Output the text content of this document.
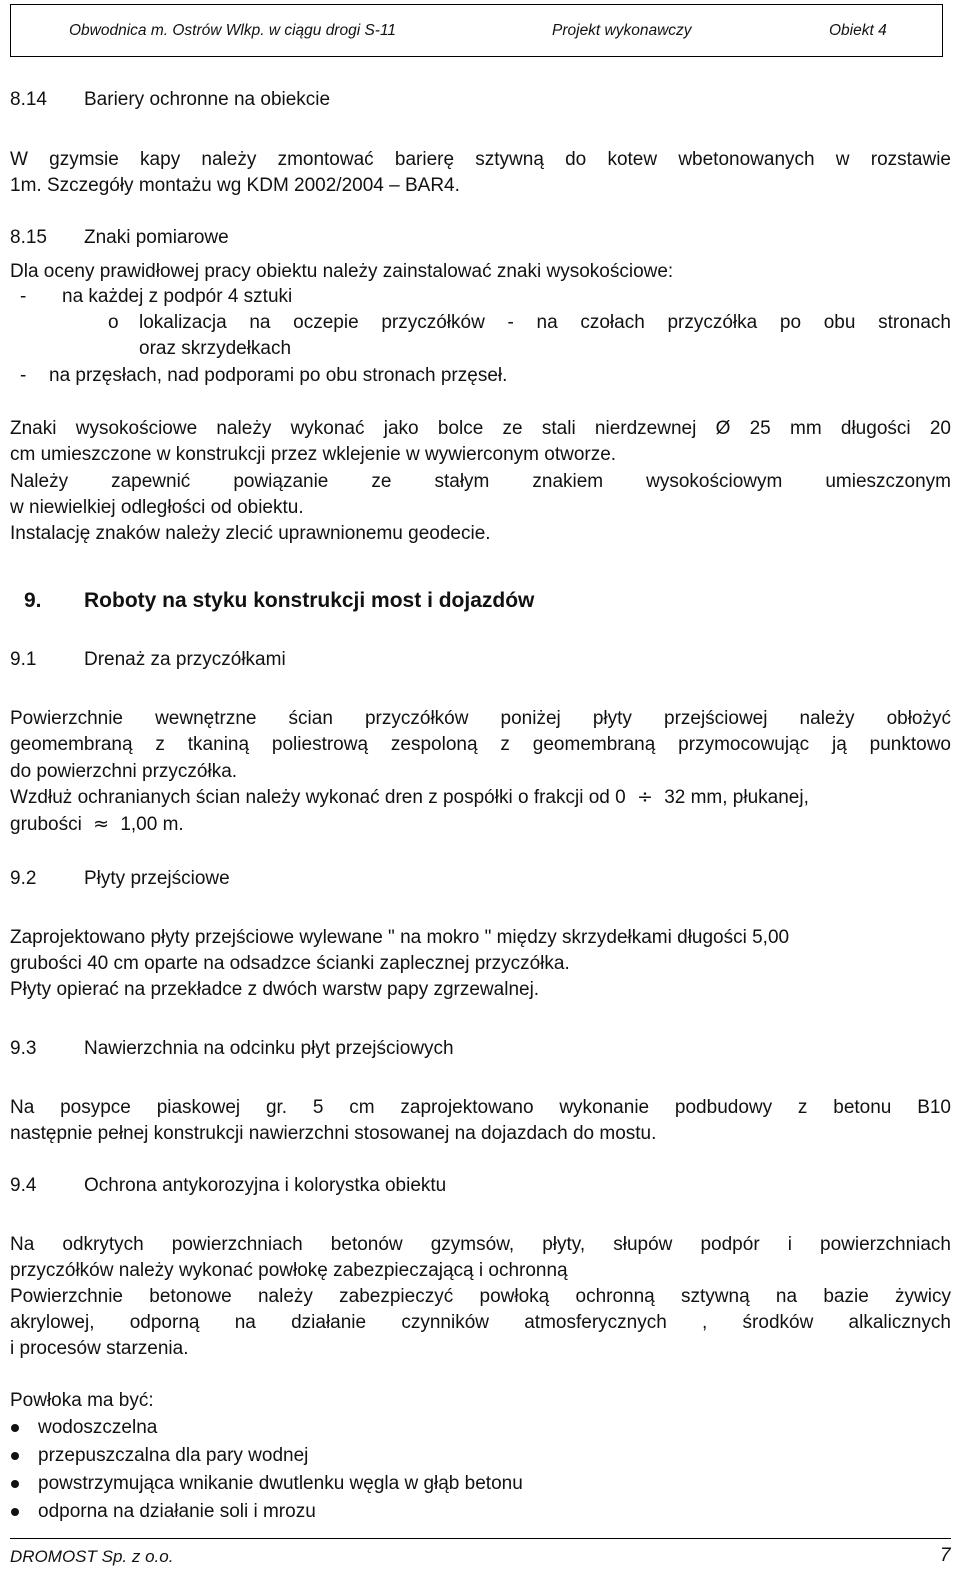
Obwodnica m. Ostrów Wlkp. w ciągu drogi S-11	Projekt wykonawczy	Obiekt 4
8.14 Bariery ochronne na obiekcie
W gzymsie kapy należy zmontować barierę sztywną do kotew wbetonowanych w rozstawie
1m. Szczegóły montażu wg KDM 2002/2004 – BAR4.
8.15 Znaki pomiarowe
Dla oceny prawidłowej pracy obiektu należy zainstalować znaki wysokościowe:
- na każdej z podpór 4 sztuki
o lokalizacja na oczepie przyczółków - na czołach przyczółka po obu stronach
oraz skrzydełkach
- na przęsłach, nad podporami po obu stronach przęseł.
Znaki wysokościowe należy wykonać jako bolce ze stali nierdzewnej Ø 25 mm długości 20
cm umieszczone w konstrukcji przez wklejenie w wywierconym otworze.
Należy zapewnić powiązanie ze stałym znakiem wysokościowym umieszczonym
w niewielkiej odległości od obiektu.
Instalację znaków należy zlecić uprawnionemu geodecie.
9. Roboty na styku konstrukcji most i dojazdów
9.1	Drenaż za przyczółkami
Powierzchnie wewnętrzne ścian przyczółków poniżej płyty przejściowej należy obłożyć
geomembraną z tkaniną poliestrową zespoloną z geomembraną przymocowując ją punktowo
do powierzchni przyczółka.
Wzdłuż ochranianych ścian należy wykonać dren z pospółki o frakcji od 0 ÷ 32 mm, płukanej,
grubości ≈ 1,00 m.
9.2	Płyty przejściowe
Zaprojektowano płyty przejściowe wylewane " na mokro " między skrzydełkami długości 5,00
grubości 40 cm oparte na odsadzce ścianki zaplecznej przyczółka.
Płyty opierać na przekładce z dwóch warstw papy zgrzewalnej.
9.3	Nawierzchnia na odcinku płyt przejściowych
Na posypce piaskowej gr. 5 cm zaprojektowano wykonanie podbudowy z betonu B10
następnie pełnej konstrukcji nawierzchni stosowanej na dojazdach do mostu.
9.4	Ochrona antykorozyjna i kolorystka obiektu
Na odkrytych powierzchniach betonów gzymsów, płyty, słupów podpór i powierzchniach
przyczółków należy wykonać powłokę zabezpieczającą i ochronną
Powierzchnie betonowe należy zabezpieczyć powłoką ochronną sztywną na bazie żywicy
akrylowej, odporną na działanie czynników atmosferycznych , środków alkalicznych
i procesów starzenia.
Powłoka ma być:
wodoszczelna
przepuszczalna dla pary wodnej
powstrzymująca wnikanie dwutlenku węgla w głąb betonu
odporna na działanie soli i mrozu
DROMOST Sp. z o.o.	7
